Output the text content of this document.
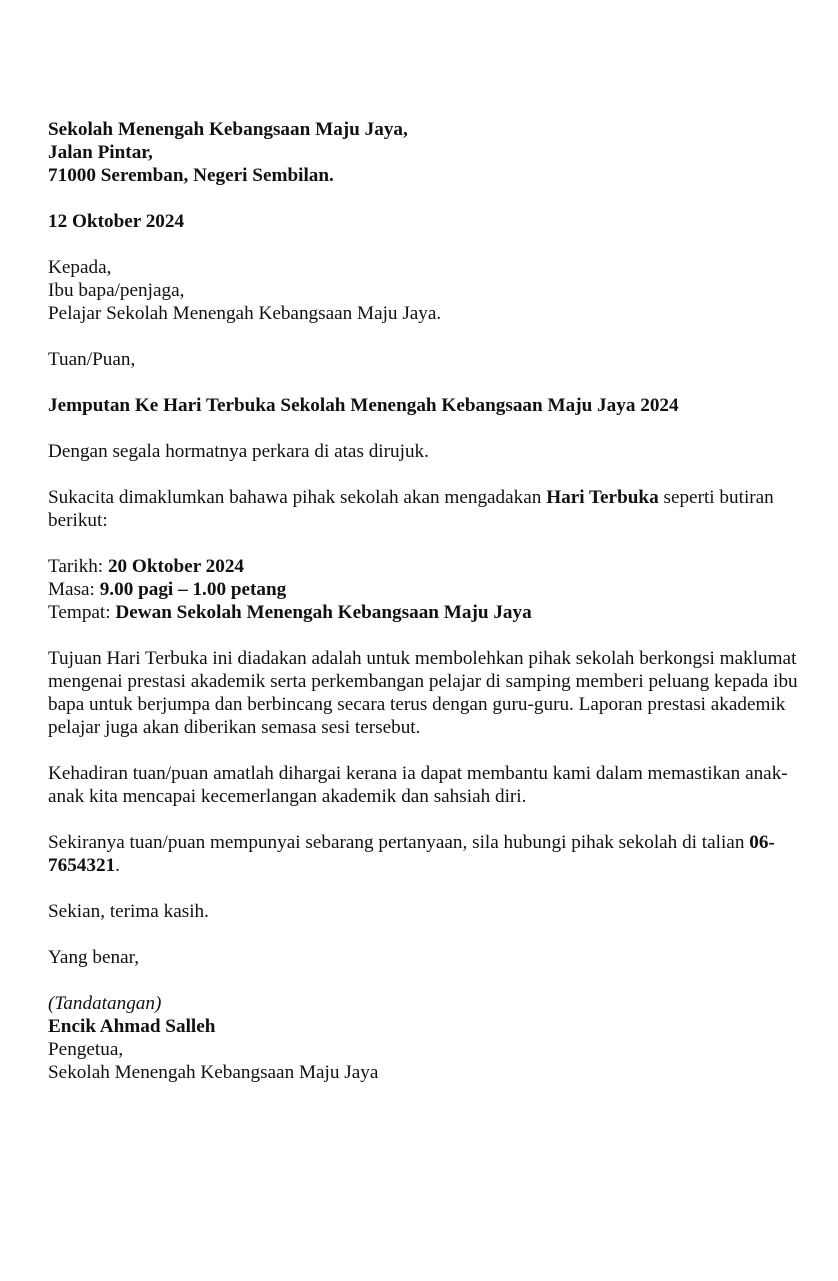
Sekolah Menengah Kebangsaan Maju Jaya,
Jalan Pintar,
71000 Seremban, Negeri Sembilan.

12 Oktober 2024

Kepada,
Ibu bapa/penjaga,
Pelajar Sekolah Menengah Kebangsaan Maju Jaya.

Tuan/Puan,

Jemputan Ke Hari Terbuka Sekolah Menengah Kebangsaan Maju Jaya 2024

Dengan segala hormatnya perkara di atas dirujuk.

Sukacita dimaklumkan bahawa pihak sekolah akan mengadakan Hari Terbuka seperti butiran berikut:

Tarikh: 20 Oktober 2024
Masa: 9.00 pagi – 1.00 petang
Tempat: Dewan Sekolah Menengah Kebangsaan Maju Jaya

Tujuan Hari Terbuka ini diadakan adalah untuk membolehkan pihak sekolah berkongsi maklumat mengenai prestasi akademik serta perkembangan pelajar di samping memberi peluang kepada ibu bapa untuk berjumpa dan berbincang secara terus dengan guru-guru. Laporan prestasi akademik pelajar juga akan diberikan semasa sesi tersebut.

Kehadiran tuan/puan amatlah dihargai kerana ia dapat membantu kami dalam memastikan anak-anak kita mencapai kecemerlangan akademik dan sahsiah diri.

Sekiranya tuan/puan mempunyai sebarang pertanyaan, sila hubungi pihak sekolah di talian 06-7654321.

Sekian, terima kasih.

Yang benar,

(Tandatangan)

Encik Ahmad Salleh

Pengetua,

Sekolah Menengah Kebangsaan Maju Jaya
